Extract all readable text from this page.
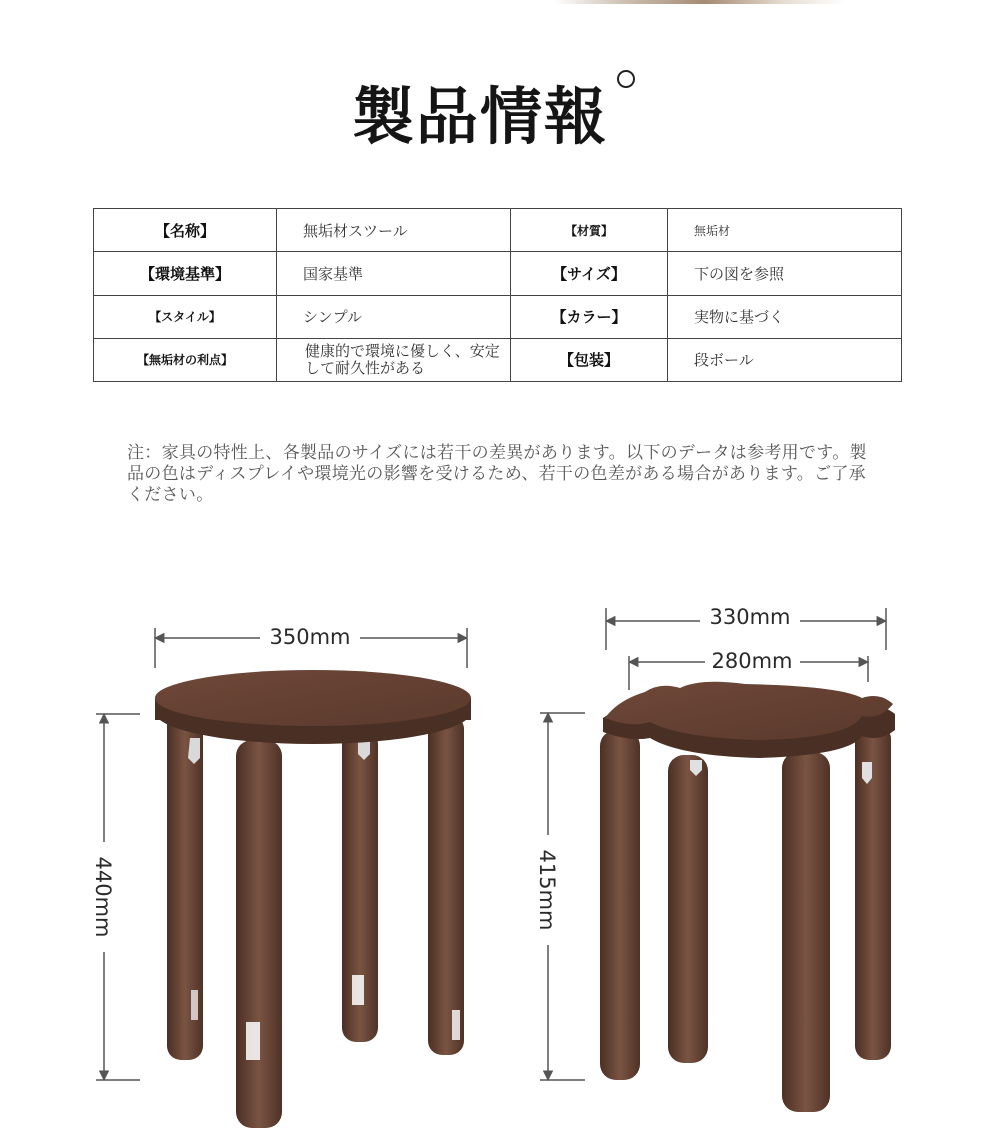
製品情報
【名称】	無垢材スツール	【材質】	無垢材
【環境基準】	国家基準	【サイズ】	下の図を参照
【スタイル】	シンプル	【カラー】	実物に基づく
【無垢材の利点】	健康的で環境に優しく、安定して耐久性がある	【包装】	段ボール
注：家具の特性上、各製品のサイズには若干の差異があります。以下のデータは参考用です。製品の色はディスプレイや環境光の影響を受けるため、若干の色差がある場合があります。ご了承ください。
350mm
440mm
330mm
280mm
415mm
